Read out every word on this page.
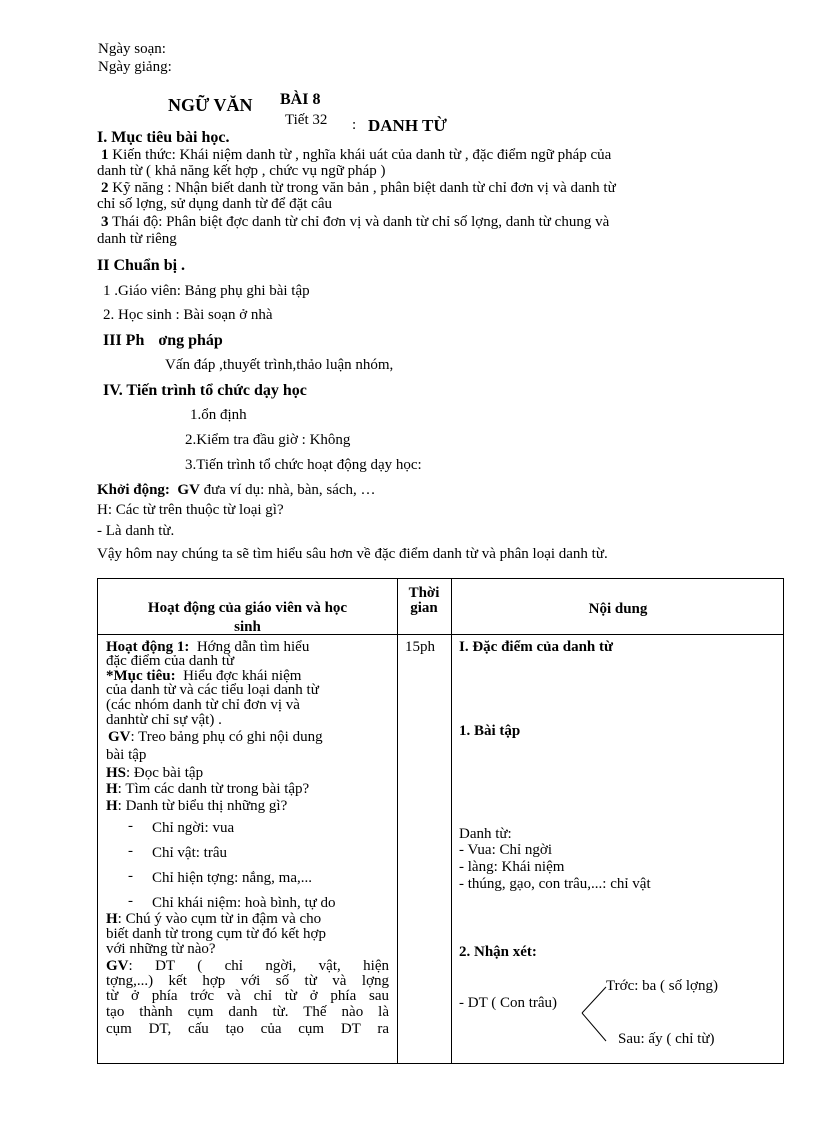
Ngày soạn:
Ngày giảng:
NGỮ VĂN BÀI 8
Tiết 32 : DANH TỪ
I. Mục tiêu bài học.
1 Kiến thức: Khái niệm danh từ , nghĩa khái uát của danh từ , đặc điểm ngữ pháp của
danh từ ( khả năng kết hợp , chức vụ ngữ pháp )
2 Kỹ năng : Nhận biết danh từ trong văn bản , phân biệt danh từ chỉ đơn vị và danh từ
chỉ số lợng, sử dụng danh từ để đặt câu
3 Thái độ: Phân biệt đợc danh từ chỉ đơn vị và danh từ chỉ số lợng, danh từ chung và
danh từ riêng
II Chuẩn bị .
1 .Giáo viên: Bảng phụ ghi bài tập
2. Học sinh : Bài soạn ở nhà
III Ph ơng pháp
Vấn đáp ,thuyết trình,thảo luận nhóm,
IV. Tiến trình tổ chức dạy học
1.ổn định
2.Kiểm tra đầu giờ : Không
3.Tiến trình tổ chức hoạt động dạy học:
Khởi động: GV đưa ví dụ: nhà, bàn, sách, …
H: Các từ trên thuộc từ loại gì?
- Là danh từ.
Vậy hôm nay chúng ta sẽ tìm hiểu sâu hơn về đặc điểm danh từ và phân loại danh từ.
Hoạt động của giáo viên và học
sinh
Thời
gian	Nội dung
Hoạt động 1: Hớng dẫn tìm hiểu
đặc điểm của danh từ
*Mục tiêu: Hiểu đợc khái niệm
của danh từ và các tiểu loại danh từ
(các nhóm danh từ chỉ đơn vị và
danhtừ chỉ sự vật) .
GV: Treo bảng phụ có ghi nội dung
bài tập
HS: Đọc bài tập
H: Tìm các danh từ trong bài tập?
H: Danh từ biểu thị những gì?
- Chỉ ngời: vua
- Chỉ vật: trâu
- Chỉ hiện tợng: nắng, ma,...
- Chỉ khái niệm: hoà bình, tự do
H: Chú ý vào cụm từ in đậm và cho
biết danh từ trong cụm từ đó kết hợp
với những từ nào?
GV: DT ( chỉ ngời, vật, hiện
tợng,...) kết hợp với số từ và lợng
từ ở phía trớc và chỉ từ ở phía sau
tạo thành cụm danh từ. Thế nào là
cụm DT, cấu tạo của cụm DT ra
15ph I. Đặc điểm của danh từ
1. Bài tập
Danh từ:
- Vua: Chỉ ngời
- làng: Khái niệm
- thúng, gạo, con trâu,...: chỉ vật
2. Nhận xét:
- DT ( Con trâu)
Trớc: ba ( số lợng)
Sau: ấy ( chỉ từ)
